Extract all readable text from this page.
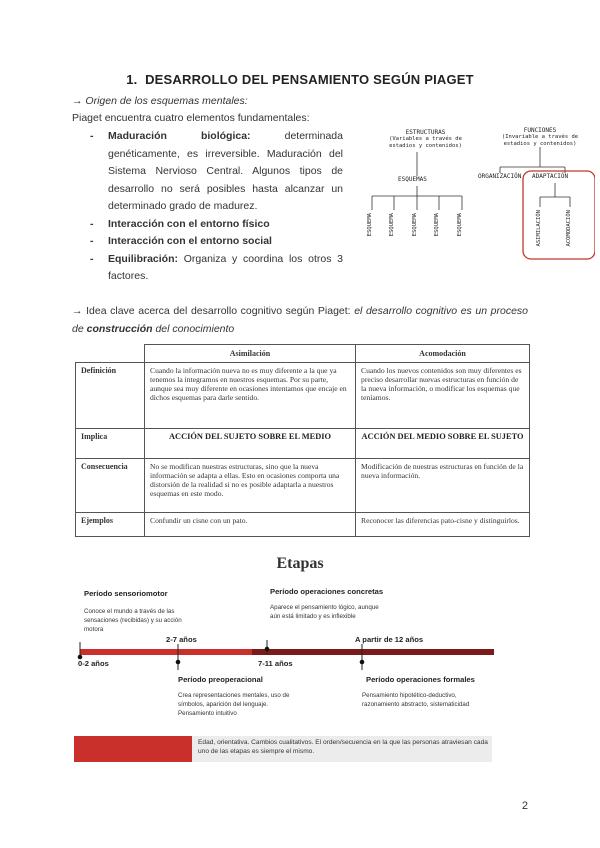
1. DESARROLLO DEL PENSAMIENTO SEGÚN PIAGET
→ Origen de los esquemas mentales:
Piaget encuentra cuatro elementos fundamentales:
- Maduración biológica: determinada genéticamente, es irreversible. Maduración del Sistema Nervioso Central. Algunos tipos de desarrollo no será posibles hasta alcanzar un determinado grado de madurez.
- Interacción con el entorno físico
- Interacción con el entorno social
- Equilibración: Organiza y coordina los otros 3 factores.
ESTRUCTURAS
(Variables a través de estadios y contenidos)
ESQUEMAS
ESQUEMA	ESQUEMA	ESQUEMA	ESQUEMA	ESQUEMA
FUNCIONES
(Invariable a través de estadios y contenidos)
ORGANIZACIÓN ADAPTACIÓN
ASIMILACIÓN	ACOMODACIÓN
→ Idea clave acerca del desarrollo cognitivo según Piaget: el desarrollo cognitivo es un proceso de construcción del conocimiento
	Asimilación	Acomodación
Definición	Cuando la información nueva no es muy diferente a la que ya tenemos la integramos en nuestros esquemas. Por su parte, aunque sea muy diferente en ocasiones intentamos que encaje en dichos esquemas para darle sentido.	Cuando los nuevos contenidos son muy diferentes es preciso desarrollar nuevas estructuras en función de la nueva información, o modificar los esquemas que teníamos.
Implica	ACCIÓN DEL SUJETO SOBRE EL MEDIO	ACCIÓN DEL MEDIO SOBRE EL SUJETO
Consecuencia	No se modifican nuestras estructuras, sino que la nueva información se adapta a ellas. Esto en ocasiones comporta una distorsión de la realidad si no es posible adaptarla a nuestros esquemas en este modo.	Modificación de nuestras estructuras en función de la nueva información.
Ejemplos	Confundir un cisne con un pato.	Reconocer las diferencias pato-cisne y distinguirlos.
Etapas
Período sensoriomotor
Conoce el mundo a través de las sensaciones (recibidas) y su acción motora
Período operaciones concretas
Aparece el pensamiento lógico, aunque aún está limitado y es inflexible
2-7 años	A partir de 12 años
0-2 años	7-11 años
Período preoperacional
Crea representaciones mentales, uso de símbolos, aparición del lenguaje. Pensamiento intuitivo
Período operaciones formales
Pensamiento hipotético-deductivo, razonamiento abstracto, sistematicidad
Edad, orientativa. Cambios cualitativos. El orden/secuencia en la que las personas atraviesan cada uno de las etapas es siempre el mismo.
2
